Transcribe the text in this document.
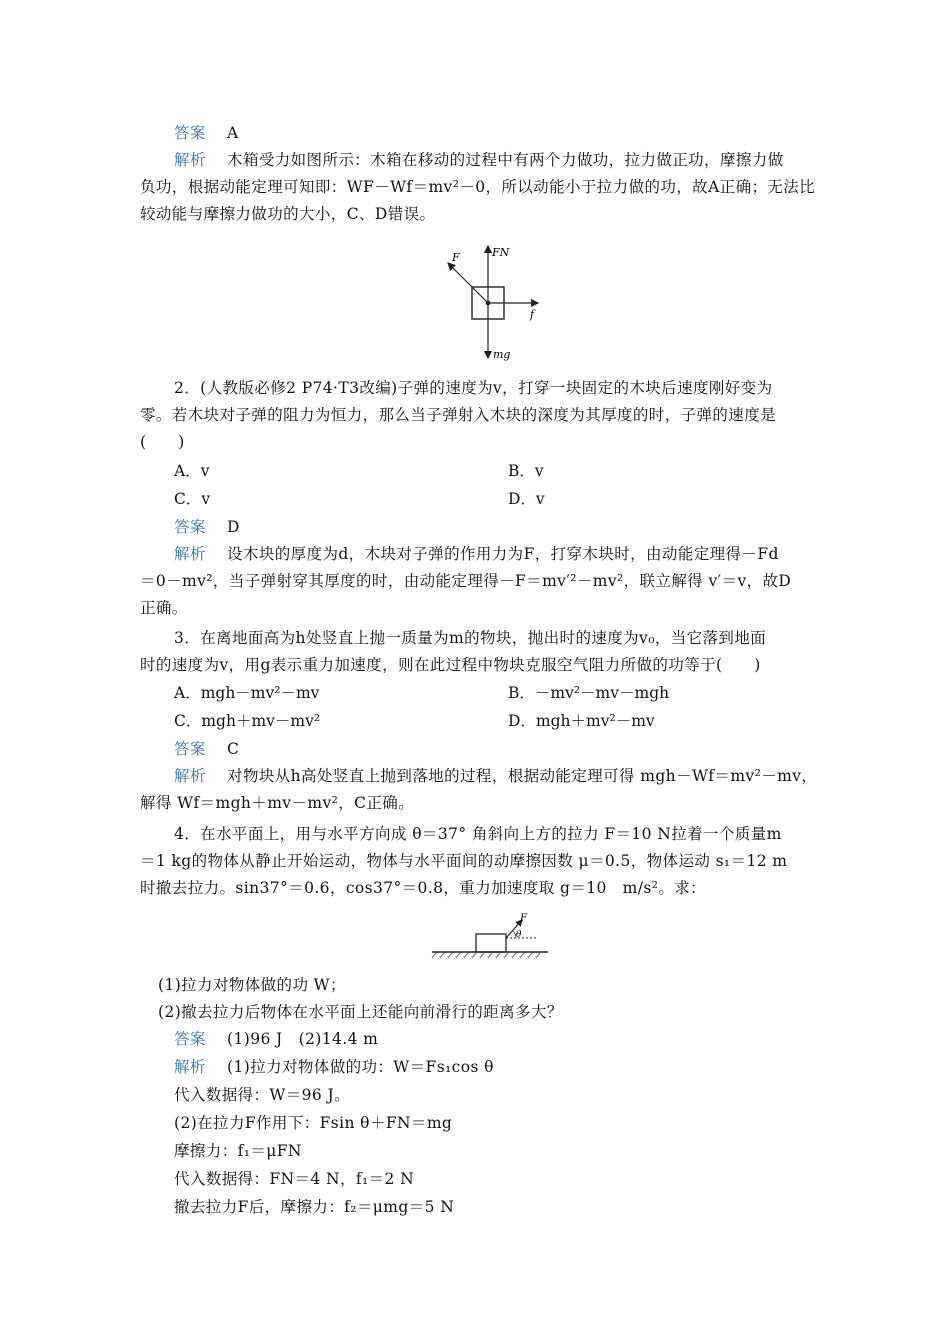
答案　 A
解析　 木箱受力如图所示：木箱在移动的过程中有两个力做功，拉力做正功，摩擦力做
负功，根据动能定理可知即：WF－Wf＝mv²－0，所以动能小于拉力做的功，故A正确；无法比
较动能与摩擦力做功的大小，C、D错误。
F	FN
f
mg
2．(人教版必修2 P74·T3改编)子弹的速度为v，打穿一块固定的木块后速度刚好变为
零。若木块对子弹的阻力为恒力，那么当子弹射入木块的深度为其厚度的时，子弹的速度是
(　　)
A．v	B．v
C．v	D．v
答案　 D
解析　 设木块的厚度为d，木块对子弹的作用力为F，打穿木块时，由动能定理得－Fd
＝0－mv²，当子弹射穿其厚度的时，由动能定理得－F＝mv′²－mv²，联立解得 v′＝v，故D
正确。
3．在离地面高为h处竖直上抛一质量为m的物块，抛出时的速度为v₀，当它落到地面
时的速度为v，用g表示重力加速度，则在此过程中物块克服空气阻力所做的功等于(　　)
A．mgh－mv²－mv	B．－mv²－mv－mgh
C．mgh＋mv－mv²	D．mgh＋mv²－mv
答案　 C
解析　 对物块从h高处竖直上抛到落地的过程，根据动能定理可得 mgh－Wf＝mv²－mv，
解得 Wf＝mgh＋mv－mv²，C正确。
4．在水平面上，用与水平方向成 θ＝37° 角斜向上方的拉力 F＝10 N拉着一个质量m
＝1 kg的物体从静止开始运动，物体与水平面间的动摩擦因数 μ＝0.5，物体运动 s₁＝12 m
时撤去拉力。sin37°＝0.6，cos37°＝0.8，重力加速度取 g＝10　m/s²。求：
F
θ
(1)拉力对物体做的功 W；
(2)撤去拉力后物体在水平面上还能向前滑行的距离多大？
答案　 (1)96 J　(2)14.4 m
解析　 (1)拉力对物体做的功：W＝Fs₁cos θ
代入数据得：W＝96 J。
(2)在拉力F作用下：Fsin θ＋FN＝mg
摩擦力：f₁＝μFN
代入数据得：FN＝4 N，f₁＝2 N
撤去拉力F后，摩擦力：f₂＝μmg＝5 N
